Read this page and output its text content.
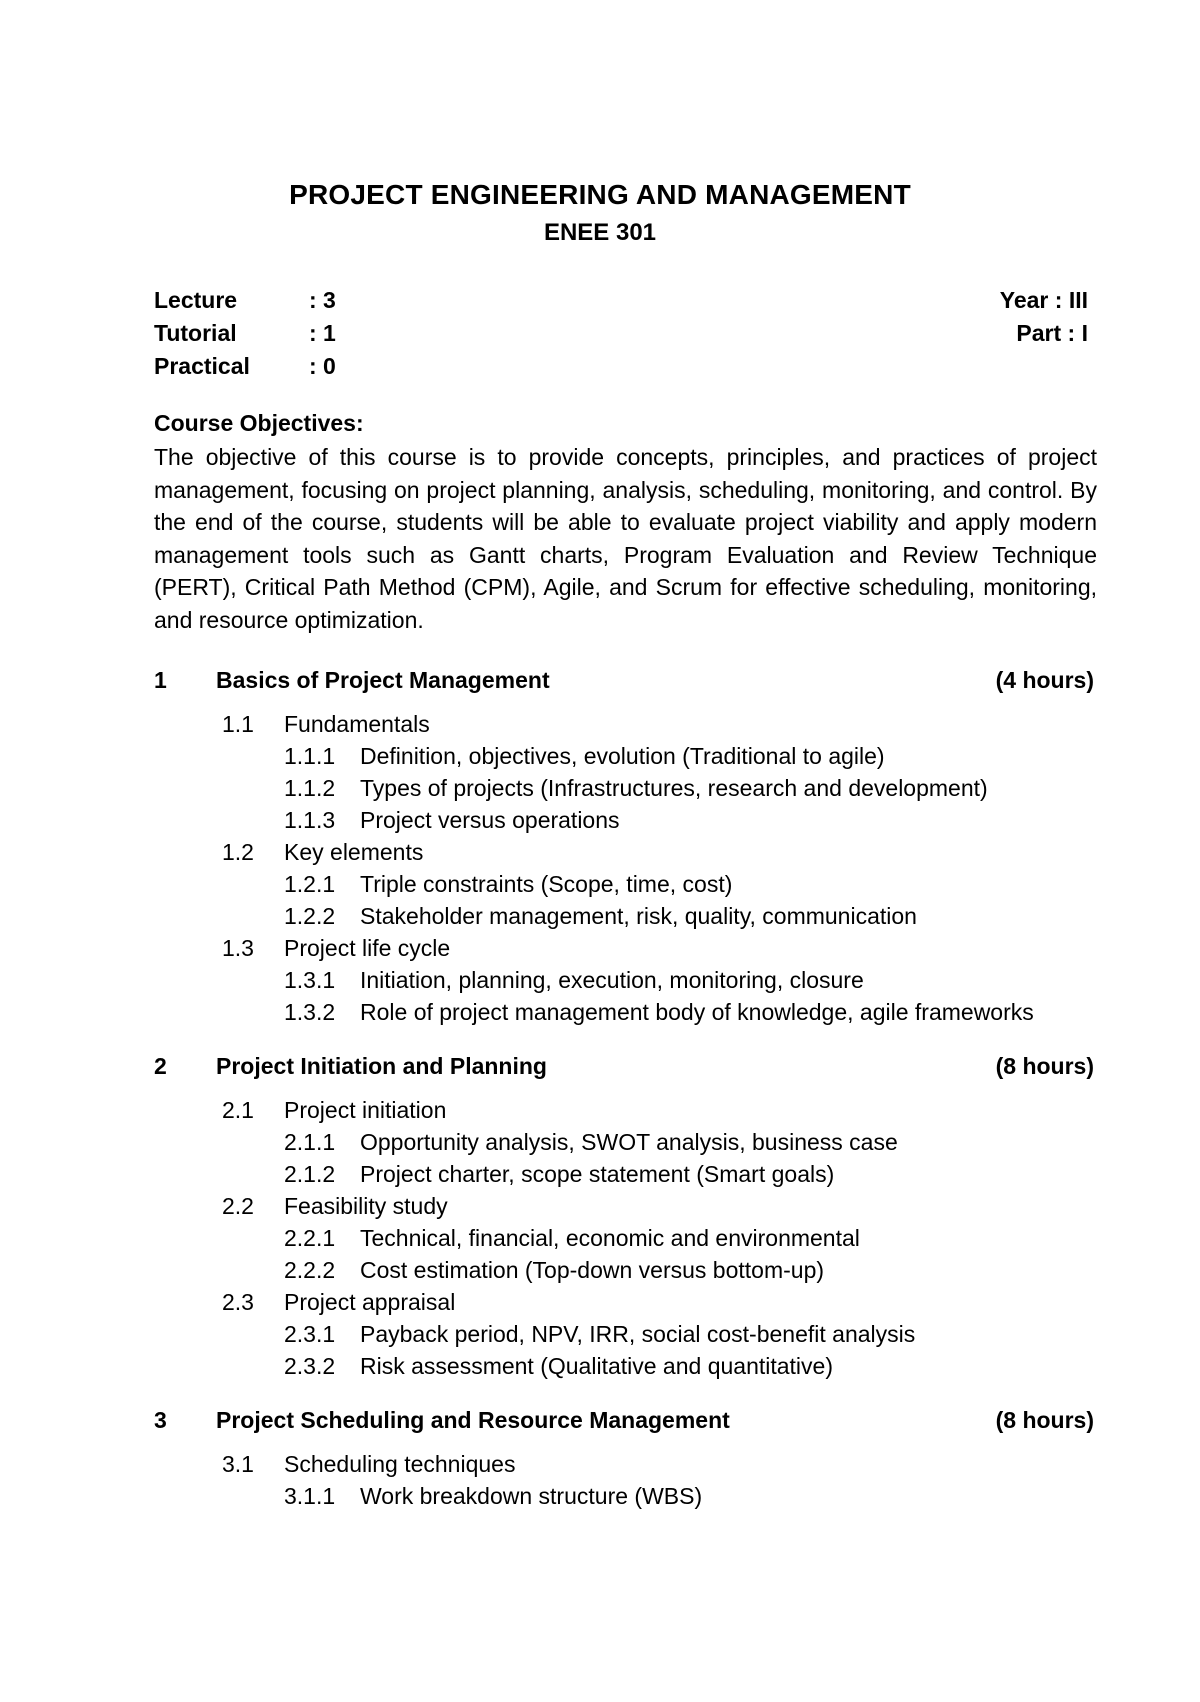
PROJECT ENGINEERING AND MANAGEMENT
ENEE 301
Lecture	: 3
Tutorial	: 1
Practical	: 0
Year : III
Part : I
Course Objectives:
The objective of this course is to provide concepts, principles, and practices of project management, focusing on project planning, analysis, scheduling, monitoring, and control. By the end of the course, students will be able to evaluate project viability and apply modern management tools such as Gantt charts, Program Evaluation and Review Technique (PERT), Critical Path Method (CPM), Agile, and Scrum for effective scheduling, monitoring, and resource optimization.
1	Basics of Project Management	(4 hours)
1.1	Fundamentals
1.1.1	Definition, objectives, evolution (Traditional to agile)
1.1.2	Types of projects (Infrastructures, research and development)
1.1.3	Project versus operations
1.2	Key elements
1.2.1	Triple constraints (Scope, time, cost)
1.2.2	Stakeholder management, risk, quality, communication
1.3	Project life cycle
1.3.1	Initiation, planning, execution, monitoring, closure
1.3.2	Role of project management body of knowledge, agile frameworks
2	Project Initiation and Planning	(8 hours)
2.1	Project initiation
2.1.1	Opportunity analysis, SWOT analysis, business case
2.1.2	Project charter, scope statement (Smart goals)
2.2	Feasibility study
2.2.1	Technical, financial, economic and environmental
2.2.2	Cost estimation (Top-down versus bottom-up)
2.3	Project appraisal
2.3.1	Payback period, NPV, IRR, social cost-benefit analysis
2.3.2	Risk assessment (Qualitative and quantitative)
3	Project Scheduling and Resource Management	(8 hours)
3.1	Scheduling techniques
3.1.1	Work breakdown structure (WBS)
